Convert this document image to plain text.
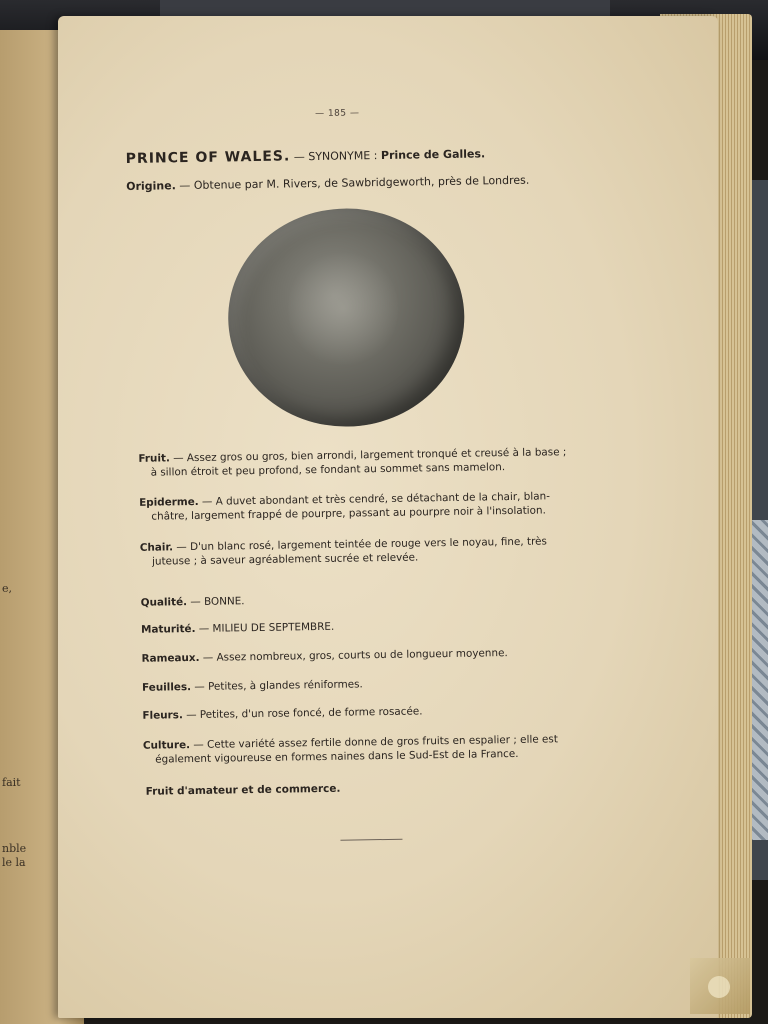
e,
fait
nble
le la
— 185 —
PRINCE OF WALES. — SYNONYME : Prince de Galles.
Origine. — Obtenue par M. Rivers, de Sawbridgeworth, près de Londres.
Fruit. — Assez gros ou gros, bien arrondi, largement tronqué et creusé à la base ;
à sillon étroit et peu profond, se fondant au sommet sans mamelon.
Epiderme. — A duvet abondant et très cendré, se détachant de la chair, blan-
châtre, largement frappé de pourpre, passant au pourpre noir à l'insolation.
Chair. — D'un blanc rosé, largement teintée de rouge vers le noyau, fine, très
juteuse ; à saveur agréablement sucrée et relevée.
Qualité. — BONNE.
Maturité. — MILIEU DE SEPTEMBRE.
Rameaux. — Assez nombreux, gros, courts ou de longueur moyenne.
Feuilles. — Petites, à glandes réniformes.
Fleurs. — Petites, d'un rose foncé, de forme rosacée.
Culture. — Cette variété assez fertile donne de gros fruits en espalier ; elle est
également vigoureuse en formes naines dans le Sud-Est de la France.
Fruit d'amateur et de commerce.
